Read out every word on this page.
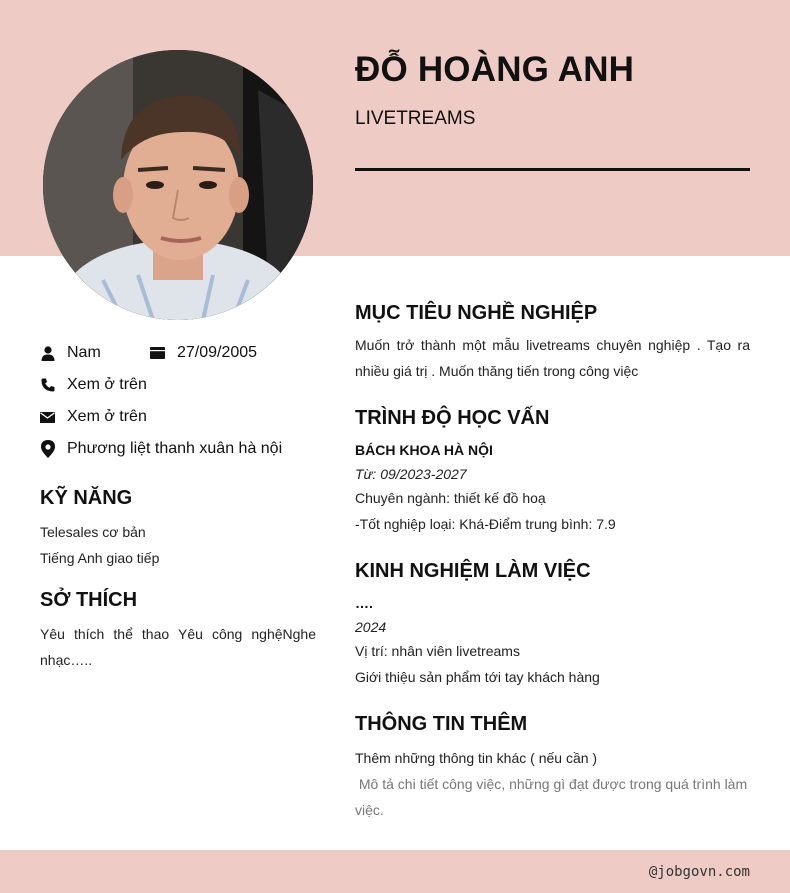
ĐỖ HOÀNG ANH
LIVETREAMS
Nam	27/09/2005
Xem ở trên
Xem ở trên
Phương liệt thanh xuân hà nội
KỸ NĂNG
Telesales cơ bản
Tiếng Anh giao tiếp
SỞ THÍCH
Yêu thích thể thao Yêu công nghệNghe nhạc…..
MỤC TIÊU NGHỀ NGHIỆP
Muốn trở thành một mẫu livetreams chuyên nghiệp . Tạo ra nhiều giá trị . Muốn thăng tiến trong công việc
TRÌNH ĐỘ HỌC VẤN
BÁCH KHOA HÀ NỘI
Từ: 09/2023-2027
Chuyên ngành: thiết kế đồ hoạ
-Tốt nghiệp loại: Khá-Điểm trung bình: 7.9
KINH NGHIỆM LÀM VIỆC
….
2024
Vị trí: nhân viên livetreams
Giới thiệu sản phẩm tới tay khách hàng
THÔNG TIN THÊM
Thêm những thông tin khác ( nếu cần )
Mô tả chi tiết công việc, những gì đạt được trong quá trình làm việc.
@jobgovn.com
